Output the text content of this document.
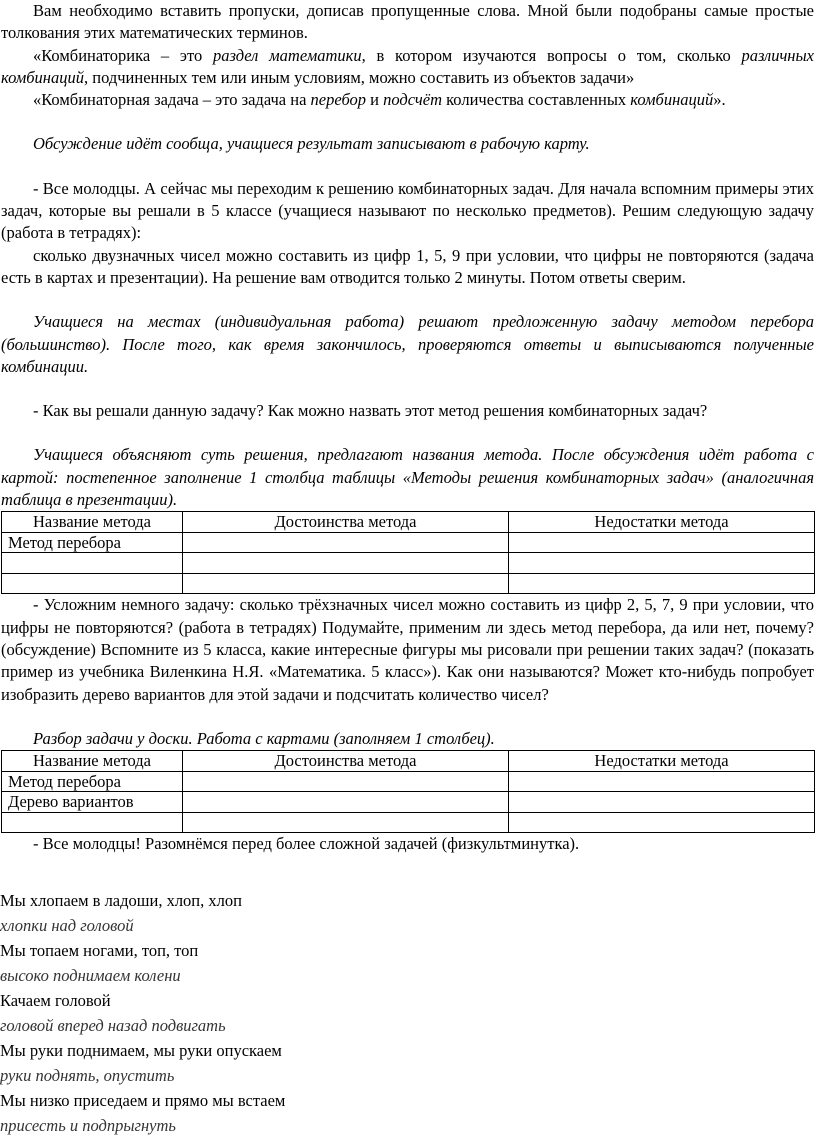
Вам необходимо вставить пропуски, дописав пропущенные слова. Мной были подобраны самые простые толкования этих математических терминов.

«Комбинаторика – это раздел математики, в котором изучаются вопросы о том, сколько различных комбинаций, подчиненных тем или иным условиям, можно составить из объектов задачи»

«Комбинаторная задача – это задача на перебор и подсчёт количества составленных комбинаций».

Обсуждение идёт сообща, учащиеся результат записывают в рабочую карту.

- Все молодцы. А сейчас мы переходим к решению комбинаторных задач. Для начала вспомним примеры этих задач, которые вы решали в 5 классе (учащиеся называют по несколько предметов). Решим следующую задачу (работа в тетрадях):

сколько двузначных чисел можно составить из цифр 1, 5, 9 при условии, что цифры не повторяются (задача есть в картах и презентации). На решение вам отводится только 2 минуты. Потом ответы сверим.

Учащиеся на местах (индивидуальная работа) решают предложенную задачу методом перебора (большинство). После того, как время закончилось, проверяются ответы и выписываются полученные комбинации.

- Как вы решали данную задачу? Как можно назвать этот метод решения комбинаторных задач?

Учащиеся объясняют суть решения, предлагают названия метода. После обсуждения идёт работа с картой: постепенное заполнение 1 столбца таблицы «Методы решения комбинаторных задач» (аналогичная таблица в презентации).

Название метода	Достоинства метода	Недостатки метода
Метод перебора		

- Усложним немного задачу: сколько трёхзначных чисел можно составить из цифр 2, 5, 7, 9 при условии, что цифры не повторяются? (работа в тетрадях) Подумайте, применим ли здесь метод перебора, да или нет, почему? (обсуждение) Вспомните из 5 класса, какие интересные фигуры мы рисовали при решении таких задач? (показать пример из учебника Виленкина Н.Я. «Математика. 5 класс»). Как они называются? Может кто-нибудь попробует изобразить дерево вариантов для этой задачи и подсчитать количество чисел?

Разбор задачи у доски. Работа с картами (заполняем 1 столбец).

Название метода	Достоинства метода	Недостатки метода
Метод перебора		
Дерево вариантов		

- Все молодцы! Разомнёмся перед более сложной задачей (физкультминутка).

Мы хлопаем в ладоши, хлоп, хлоп

хлопки над головой

Мы топаем ногами, топ, топ

высоко поднимаем колени

Качаем головой

головой вперед назад подвигать

Мы руки поднимаем, мы руки опускаем

руки поднять, опустить

Мы низко приседаем и прямо мы встаем

присесть и подпрыгнуть
